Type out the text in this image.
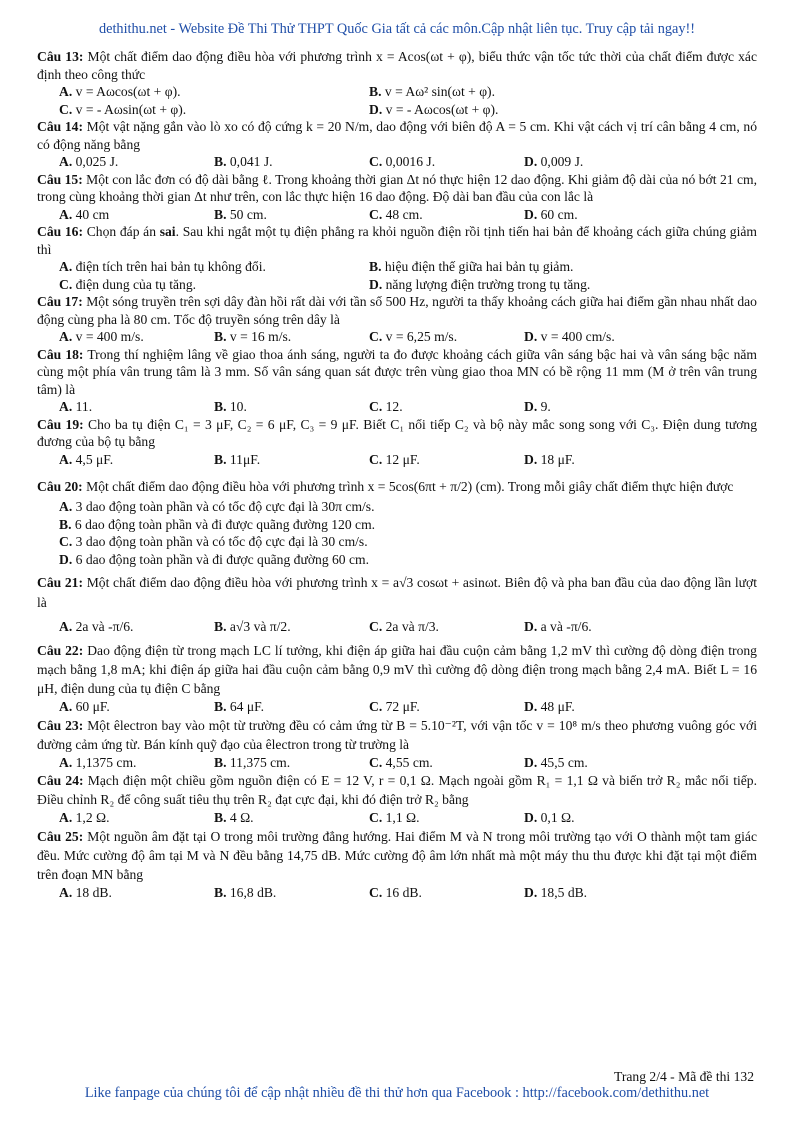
dethithu.net - Website Đề Thi Thử THPT Quốc Gia tất cả các môn.Cập nhật liên tục. Truy cập tải ngay!!

Câu 13: Một chất điểm dao động điều hòa với phương trình x = Acos(ωt + φ), biểu thức vận tốc tức thời của chất điểm được xác định theo công thức

A. v = Aωcos(ωt + φ).	B. v = Aω² sin(ωt + φ).
C. v = - Aωsin(ωt + φ).	D. v = - Aωcos(ωt + φ).

Câu 14: Một vật nặng gắn vào lò xo có độ cứng k = 20 N/m, dao động với biên độ A = 5 cm. Khi vật cách vị trí cân bằng 4 cm, nó có động năng bằng

A. 0,025 J.	B. 0,041 J.	C. 0,0016 J.	D. 0,009 J.

Câu 15: Một con lắc đơn có độ dài bằng ℓ. Trong khoảng thời gian Δt nó thực hiện 12 dao động. Khi giảm độ dài của nó bớt 21 cm, trong cùng khoảng thời gian Δt như trên, con lắc thực hiện 16 dao động. Độ dài ban đầu của con lắc là

A. 40 cm	B. 50 cm.	C. 48 cm.	D. 60 cm.

Câu 16: Chọn đáp án sai. Sau khi ngắt một tụ điện phẳng ra khỏi nguồn điện rồi tịnh tiến hai bản để khoảng cách giữa chúng giảm thì

A. điện tích trên hai bản tụ không đổi.	B. hiệu điện thế giữa hai bản tụ giảm.
C. điện dung của tụ tăng.	D. năng lượng điện trường trong tụ tăng.

Câu 17: Một sóng truyền trên sợi dây đàn hồi rất dài với tần số 500 Hz, người ta thấy khoảng cách giữa hai điểm gần nhau nhất dao động cùng pha là 80 cm. Tốc độ truyền sóng trên dây là

A. v = 400 m/s.	B. v = 16 m/s.	C. v = 6,25 m/s.	D. v = 400 cm/s.

Câu 18: Trong thí nghiệm lâng về giao thoa ánh sáng, người ta đo được khoảng cách giữa vân sáng bậc hai và vân sáng bậc năm cùng một phía vân trung tâm là 3 mm. Số vân sáng quan sát được trên vùng giao thoa MN có bề rộng 11 mm (M ở trên vân trung tâm) là

A. 11.	B. 10.	C. 12.	D. 9.

Câu 19: Cho ba tụ điện C₁ = 3 μF, C₂ = 6 μF, C₃ = 9 μF. Biết C₁ nối tiếp C₂ và bộ này mắc song song với C₃. Điện dung tương đương của bộ tụ bằng

A. 4,5 μF.	B. 11μF.	C. 12 μF.	D. 18 μF.

Câu 20: Một chất điểm dao động điều hòa với phương trình x = 5cos(6πt + π/2) (cm). Trong mỗi giây chất điểm thực hiện được

A. 3 dao động toàn phần và có tốc độ cực đại là 30π cm/s.
B. 6 dao động toàn phần và đi được quãng đường 120 cm.
C. 3 dao động toàn phần và có tốc độ cực đại là 30 cm/s.
D. 6 dao động toàn phần và đi được quãng đường 60 cm.

Câu 21: Một chất điểm dao động điều hòa với phương trình x = a√3 cosωt + asinωt. Biên độ và pha ban đầu của dao động lần lượt là

A. 2a và -π/6.	B. a√3 và π/2.	C. 2a và π/3.	D. a và -π/6.

Câu 22: Dao động điện từ trong mạch LC lí tưởng, khi điện áp giữa hai đầu cuộn cảm bằng 1,2 mV thì cường độ dòng điện trong mạch bằng 1,8 mA; khi điện áp giữa hai đầu cuộn cảm bằng 0,9 mV thì cường độ dòng điện trong mạch bằng 2,4 mA. Biết L = 16 μH, điện dung của tụ điện C bằng

A. 60 μF.	B. 64 μF.	C. 72 μF.	D. 48 μF.

Câu 23: Một êlectron bay vào một từ trường đều có cảm ứng từ B = 5.10⁻²T, với vận tốc v = 10⁸ m/s theo phương vuông góc với đường cảm ứng từ. Bán kính quỹ đạo của êlectron trong từ trường là

A. 1,1375 cm.	B. 11,375 cm.	C. 4,55 cm.	D. 45,5 cm.

Câu 24: Mạch điện một chiều gồm nguồn điện có E = 12 V, r = 0,1 Ω. Mạch ngoài gồm R₁ = 1,1 Ω và biến trở R₂ mắc nối tiếp. Điều chỉnh R₂ để công suất tiêu thụ trên R₂ đạt cực đại, khi đó điện trở R₂ bằng

A. 1,2 Ω.	B. 4 Ω.	C. 1,1 Ω.	D. 0,1 Ω.

Câu 25: Một nguồn âm đặt tại O trong môi trường đẳng hướng. Hai điểm M và N trong môi trường tạo với O thành một tam giác đều. Mức cường độ âm tại M và N đều bằng 14,75 dB. Mức cường độ âm lớn nhất mà một máy thu thu được khi đặt tại một điểm trên đoạn MN bằng

A. 18 dB.	B. 16,8 dB.	C. 16 dB.	D. 18,5 dB.
Trang 2/4 - Mã đề thi 132
Like fanpage của chúng tôi để cập nhật nhiều đề thi thử hơn qua Facebook : http://facebook.com/dethithu.net
